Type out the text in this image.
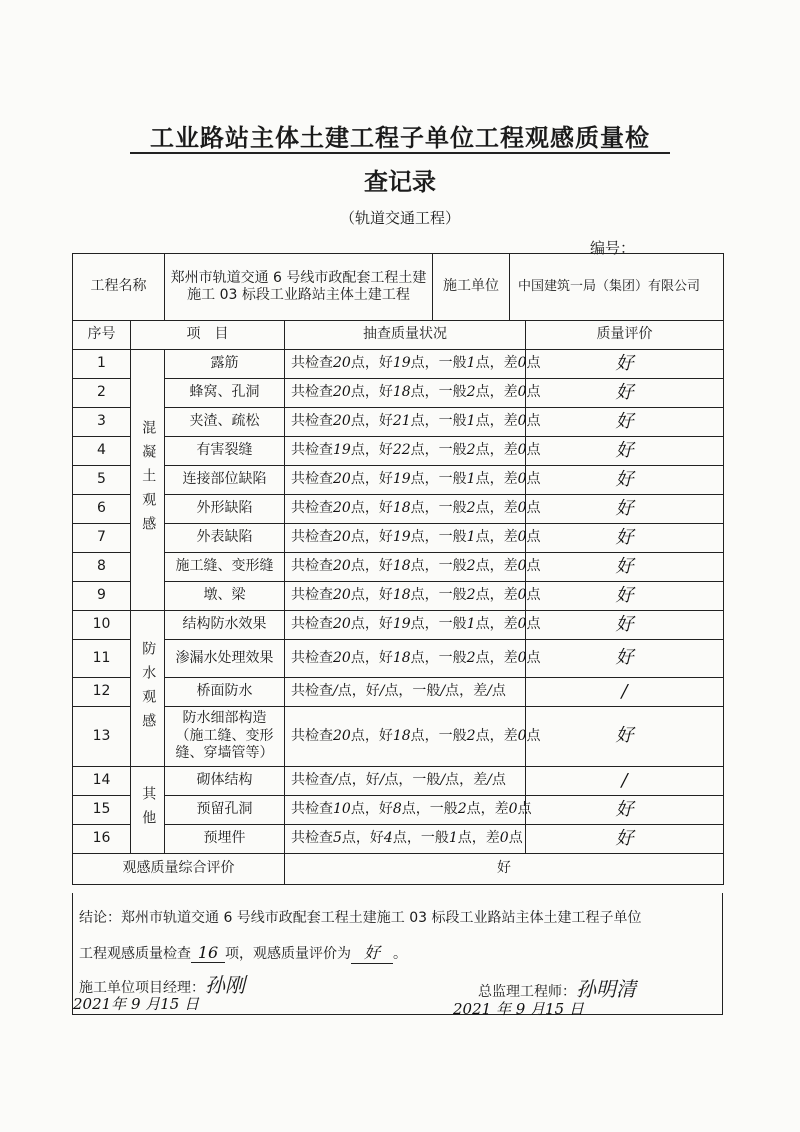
工业路站主体土建工程子单位工程观感质量检
查记录
（轨道交通工程）
编号：
工程名称		郑州市轨道交通 6 号线市政配套工程土建施工 03 标段工业路站主体土建工程		施工单位	中国建筑一局（集团）有限公司	
序号	项　目		抽查质量状况			质量评价
1	混凝土观感	露筋	共检查20点，好19点，一般1点，差0点			好
2		蜂窝、孔洞	共检查20点，好18点，一般2点，差0点			好
3		夹渣、疏松	共检查20点，好21点，一般1点，差0点			好
4		有害裂缝	共检查19点，好22点，一般2点，差0点			好
5		连接部位缺陷	共检查20点，好19点，一般1点，差0点			好
6		外形缺陷	共检查20点，好18点，一般2点，差0点			好
7		外表缺陷	共检查20点，好19点，一般1点，差0点			好
8		施工缝、变形缝	共检查20点，好18点，一般2点，差0点			好
9		墩、梁	共检查20点，好18点，一般2点，差0点			好
10	防水观感	结构防水效果	共检查20点，好19点，一般1点，差0点			好
11		渗漏水处理效果	共检查20点，好18点，一般2点，差0点			好
12		桥面防水	共检查/点，好/点，一般/点，差/点			/
13		防水细部构造（施工缝、变形缝、穿墙管等）	共检查20点，好18点，一般2点，差0点			好
14	其他	砌体结构	共检查/点，好/点，一般/点，差/点			/
15		预留孔洞	共检查10点，好8点，一般2点，差0点			好
16		预埋件	共检查5点，好4点，一般1点，差0点			好
观感质量综合评价			好			
结论：郑州市轨道交通 6 号线市政配套工程土建施工 03 标段工业路站主体土建工程子单位
工程观感质量检查 16 项，观感质量评价为 好 。
施工单位项目经理：孙刚	总监理工程师：孙明清
2021年 9 月15 日	2021 年 9 月15 日
